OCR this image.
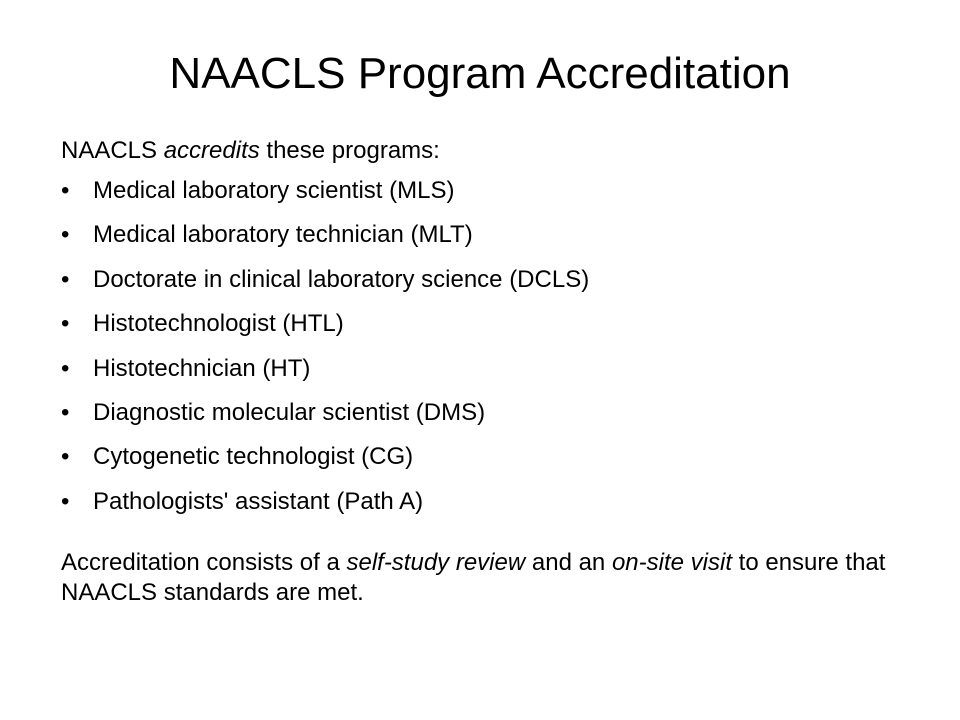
NAACLS Program Accreditation
NAACLS accredits these programs:
• Medical laboratory scientist (MLS)
• Medical laboratory technician (MLT)
• Doctorate in clinical laboratory science (DCLS)
• Histotechnologist (HTL)
• Histotechnician (HT)
• Diagnostic molecular scientist (DMS)
• Cytogenetic technologist (CG)
• Pathologists' assistant (Path A)
Accreditation consists of a self-study review and an on-site visit to ensure that NAACLS standards are met.
